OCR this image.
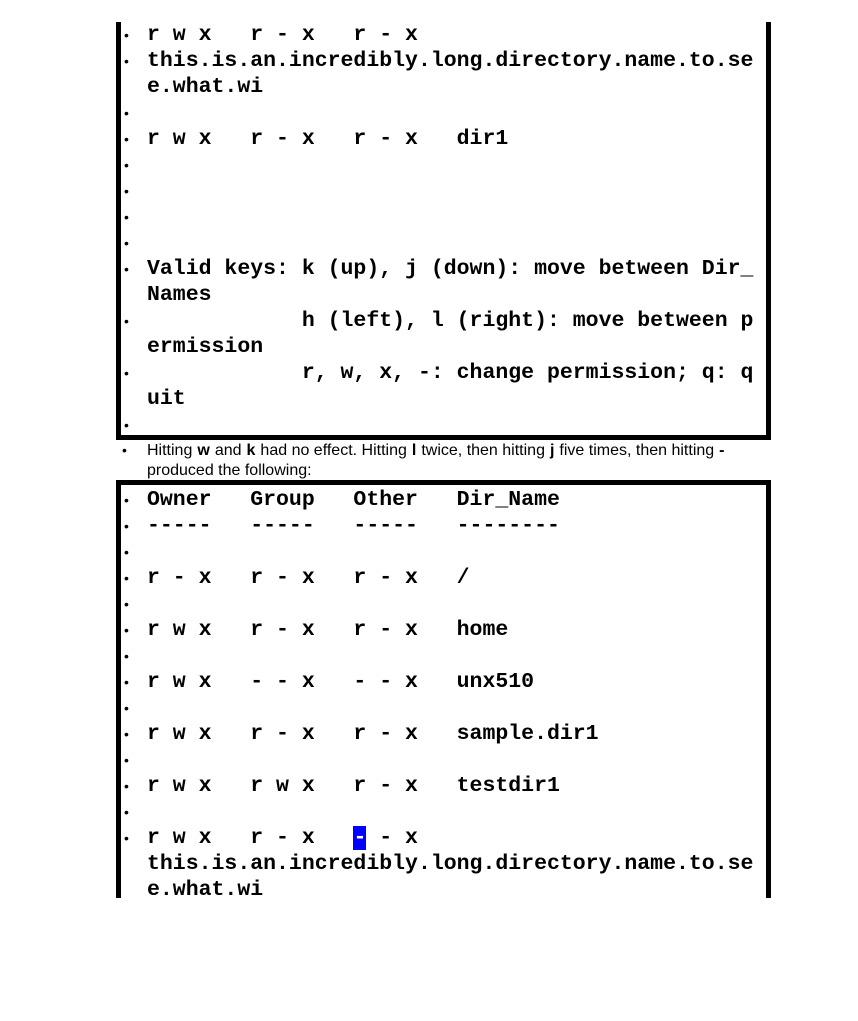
• r w x   r - x   r - x
• this.is.an.incredibly.long.directory.name.to.see.what.wi
•
• r w x   r - x   r - x   dir1
•
•
•
•
• Valid keys: k (up), j (down): move between Dir_Names
•             h (left), l (right): move between permission
•             r, w, x, -: change permission; q: quit
•
• Hitting w and k had no effect. Hitting l twice, then hitting j five times, then hitting -produced the following:
• Owner   Group   Other   Dir_Name
• -----   -----   -----   --------
•
• r - x   r - x   r - x   /
•
• r w x   r - x   r - x   home
•
• r w x   - - x   - - x   unx510
•
• r w x   r - x   r - x   sample.dir1
•
• r w x   r w x   r - x   testdir1
•
• r w x   r - x   - - x
this.is.an.incredibly.long.directory.name.to.see.what.wi
